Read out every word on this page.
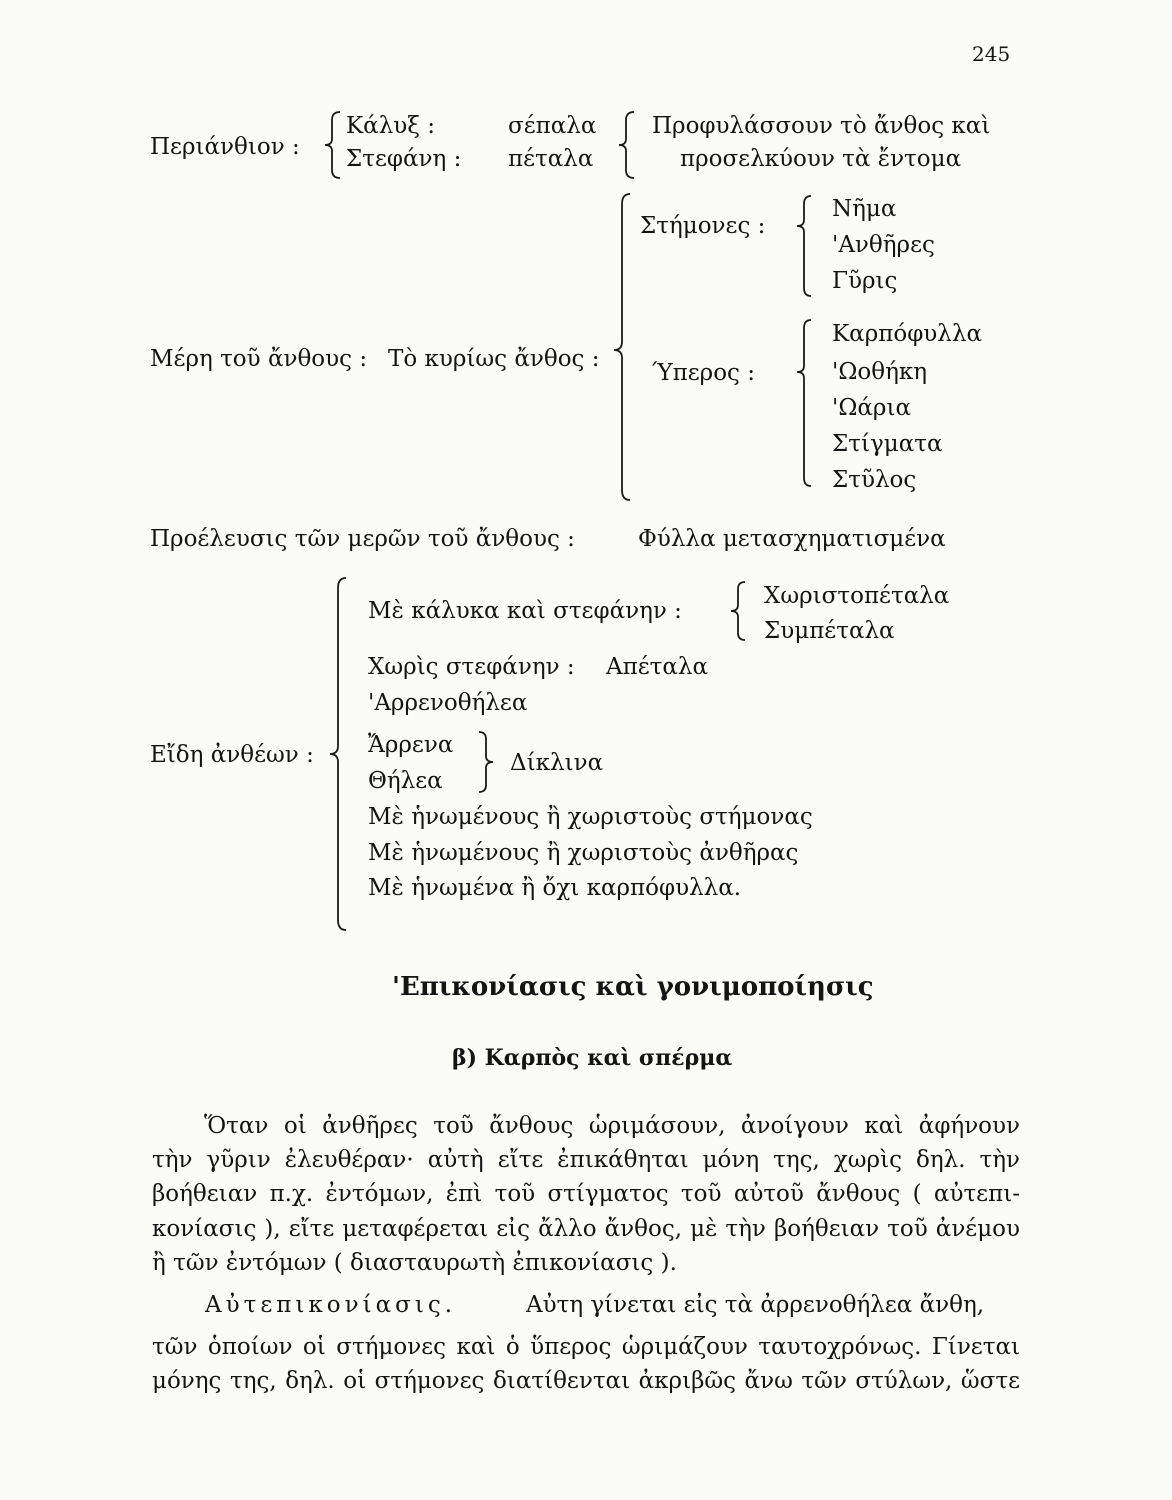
245
Περιάνθιον :
Κάλυξ :	σέπαλα
Στεφάνη : πέταλα
Προφυλάσσουν τὸ ἄνθος καὶ
προσελκύουν τὰ ἔντομα
Μέρη τοῦ ἄνθους : Τὸ κυρίως ἄνθος :
Στήμονες :
Νῆμα
'Ανθῆρες
Γῦρις
Ύπερος :
Καρπόφυλλα
'Ωοθήκη
'Ωάρια
Στίγματα
Στῦλος
Προέλευσις τῶν μερῶν τοῦ ἄνθους :	Φύλλα μετασχηματισμένα
Εἴδη ἀνθέων :
Μὲ κάλυκα καὶ στεφάνην :
Χωριστοπέταλα
Συμπέταλα
Χωρὶς στεφάνην : Απέταλα
'Αρρενοθήλεα
Ἄρρενα
Θήλεα
Δίκλινα
Μὲ ἡνωμένους ἢ χωριστοὺς στήμονας
Μὲ ἡνωμένους ἢ χωριστοὺς ἀνθῆρας
Μὲ ἡνωμένα ἢ ὄχι καρπόφυλλα.
'Επικονίασις καὶ γονιμοποίησις
β) Καρπὸς καὶ σπέρμα
Ὅταν οἱ ἀνθῆρες τοῦ ἄνθους ὡριμάσουν, ἀνοίγουν καὶ ἀφήνουν
τὴν γῦριν ἐλευθέραν· αὐτὴ εἴτε ἐπικάθηται μόνη της, χωρὶς δηλ. τὴν
βοήθειαν π.χ. ἐντόμων, ἐπὶ τοῦ στίγματος τοῦ αὐτοῦ ἄνθους ( αὐτεπι-
κονίασις ), εἴτε μεταφέρεται εἰς ἄλλο ἄνθος, μὲ τὴν βοήθειαν τοῦ ἀνέμου
ἢ τῶν ἐντόμων ( διασταυρωτὴ ἐπικονίασις ).
Αὐτεπικονίασις.	Αὐτη γίνεται εἰς τὰ ἀρρενοθήλεα ἄνθη,
τῶν ὁποίων οἱ στήμονες καὶ ὁ ὕπερος ὡριμάζουν ταυτοχρόνως. Γίνεται
μόνης της, δηλ. οἱ στήμονες διατίθενται ἀκριβῶς ἄνω τῶν στύλων, ὥστε
